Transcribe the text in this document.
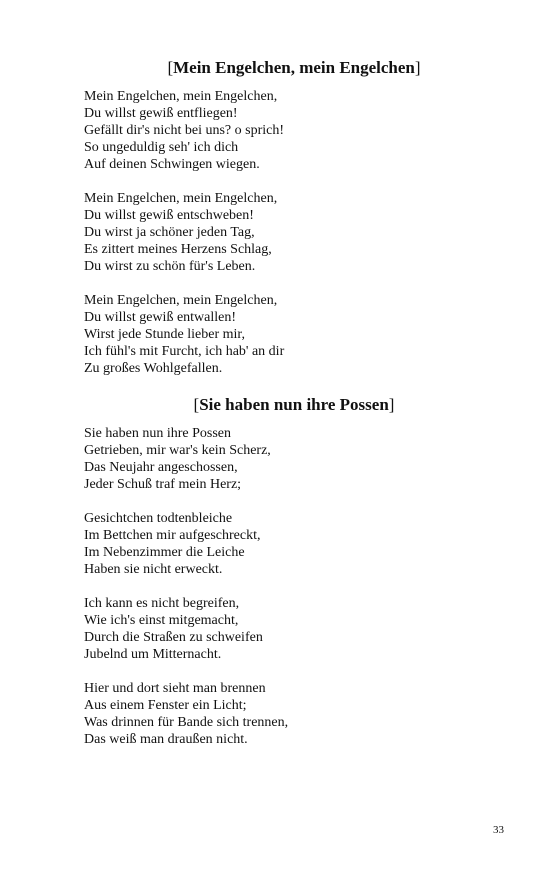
[Mein Engelchen, mein Engelchen]
Mein Engelchen, mein Engelchen,
Du willst gewiß entfliegen!
Gefällt dir's nicht bei uns? o sprich!
So ungeduldig seh' ich dich
Auf deinen Schwingen wiegen.
Mein Engelchen, mein Engelchen,
Du willst gewiß entschweben!
Du wirst ja schöner jeden Tag,
Es zittert meines Herzens Schlag,
Du wirst zu schön für's Leben.
Mein Engelchen, mein Engelchen,
Du willst gewiß entwallen!
Wirst jede Stunde lieber mir,
Ich fühl's mit Furcht, ich hab' an dir
Zu großes Wohlgefallen.
[Sie haben nun ihre Possen]
Sie haben nun ihre Possen
Getrieben, mir war's kein Scherz,
Das Neujahr angeschossen,
Jeder Schuß traf mein Herz;
Gesichtchen todtenbleiche
Im Bettchen mir aufgeschreckt,
Im Nebenzimmer die Leiche
Haben sie nicht erweckt.
Ich kann es nicht begreifen,
Wie ich's einst mitgemacht,
Durch die Straßen zu schweifen
Jubelnd um Mitternacht.
Hier und dort sieht man brennen
Aus einem Fenster ein Licht;
Was drinnen für Bande sich trennen,
Das weiß man draußen nicht.
33
